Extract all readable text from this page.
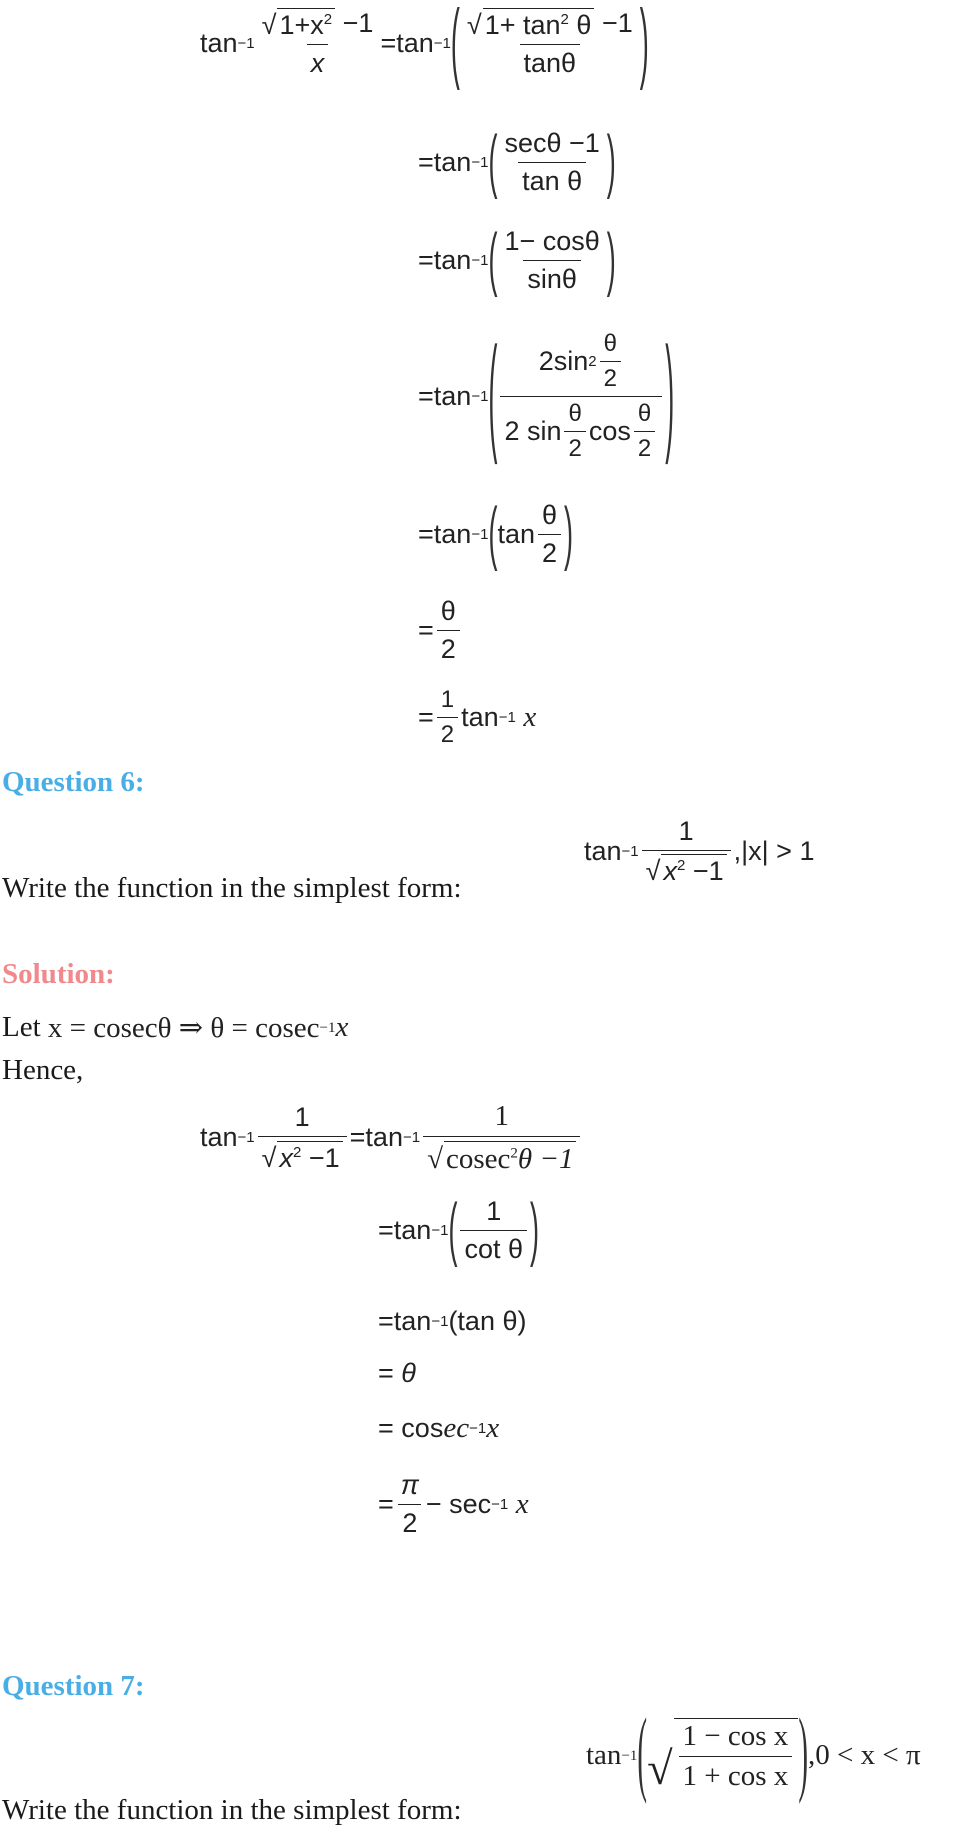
$\tan -1 \frac{√ 1+x^2 -1}{x} = \tan -1$ ( $\frac{√ 1+ \tan^2 \theta -1}{\tan\theta}$ )
= tan −1 ( $\frac{\sec\theta -1}{\text{tan θ}}$ )
= tan −1 ( $\frac{1- \cos\theta}{\sin\theta}$ )
= tan −1 ( $\frac{2\sin 2 \frac{\theta}{2}}{2 \sin \frac{\theta}{2} \cos \frac{\theta}{2}}$ )
= tan −1 ( $\tan \frac{\theta}{2}$ )
= $\frac{\theta}{2}$
= $\frac{1}{2}$ tan −1
x
Question 6:
$\tan -1 \frac{1}{√ x^2 -1} ,|x| > 1$
Write the function in the simplest form:
Solution:
Let
x = cosecθ ⇒ θ = cosec −1 x
Hence,
$\tan -1 \frac{1}{√ x^2 -1} = \tan -1 \frac{1}{√ cosec^2\theta -1}$
= tan −1 ( $\frac{1}{\text{cot θ}}$ )
= tan −1 (tan θ)
=
θ
=
cos ec −1 x
= $\frac{\pi}{2} - \sec -1$
x
Question 7:
tan −1 ( √ $\frac{\text{1 − cos x}}{\text{1 + cos x}}$ ) ,0 < x < π
Write the function in the simplest form:
